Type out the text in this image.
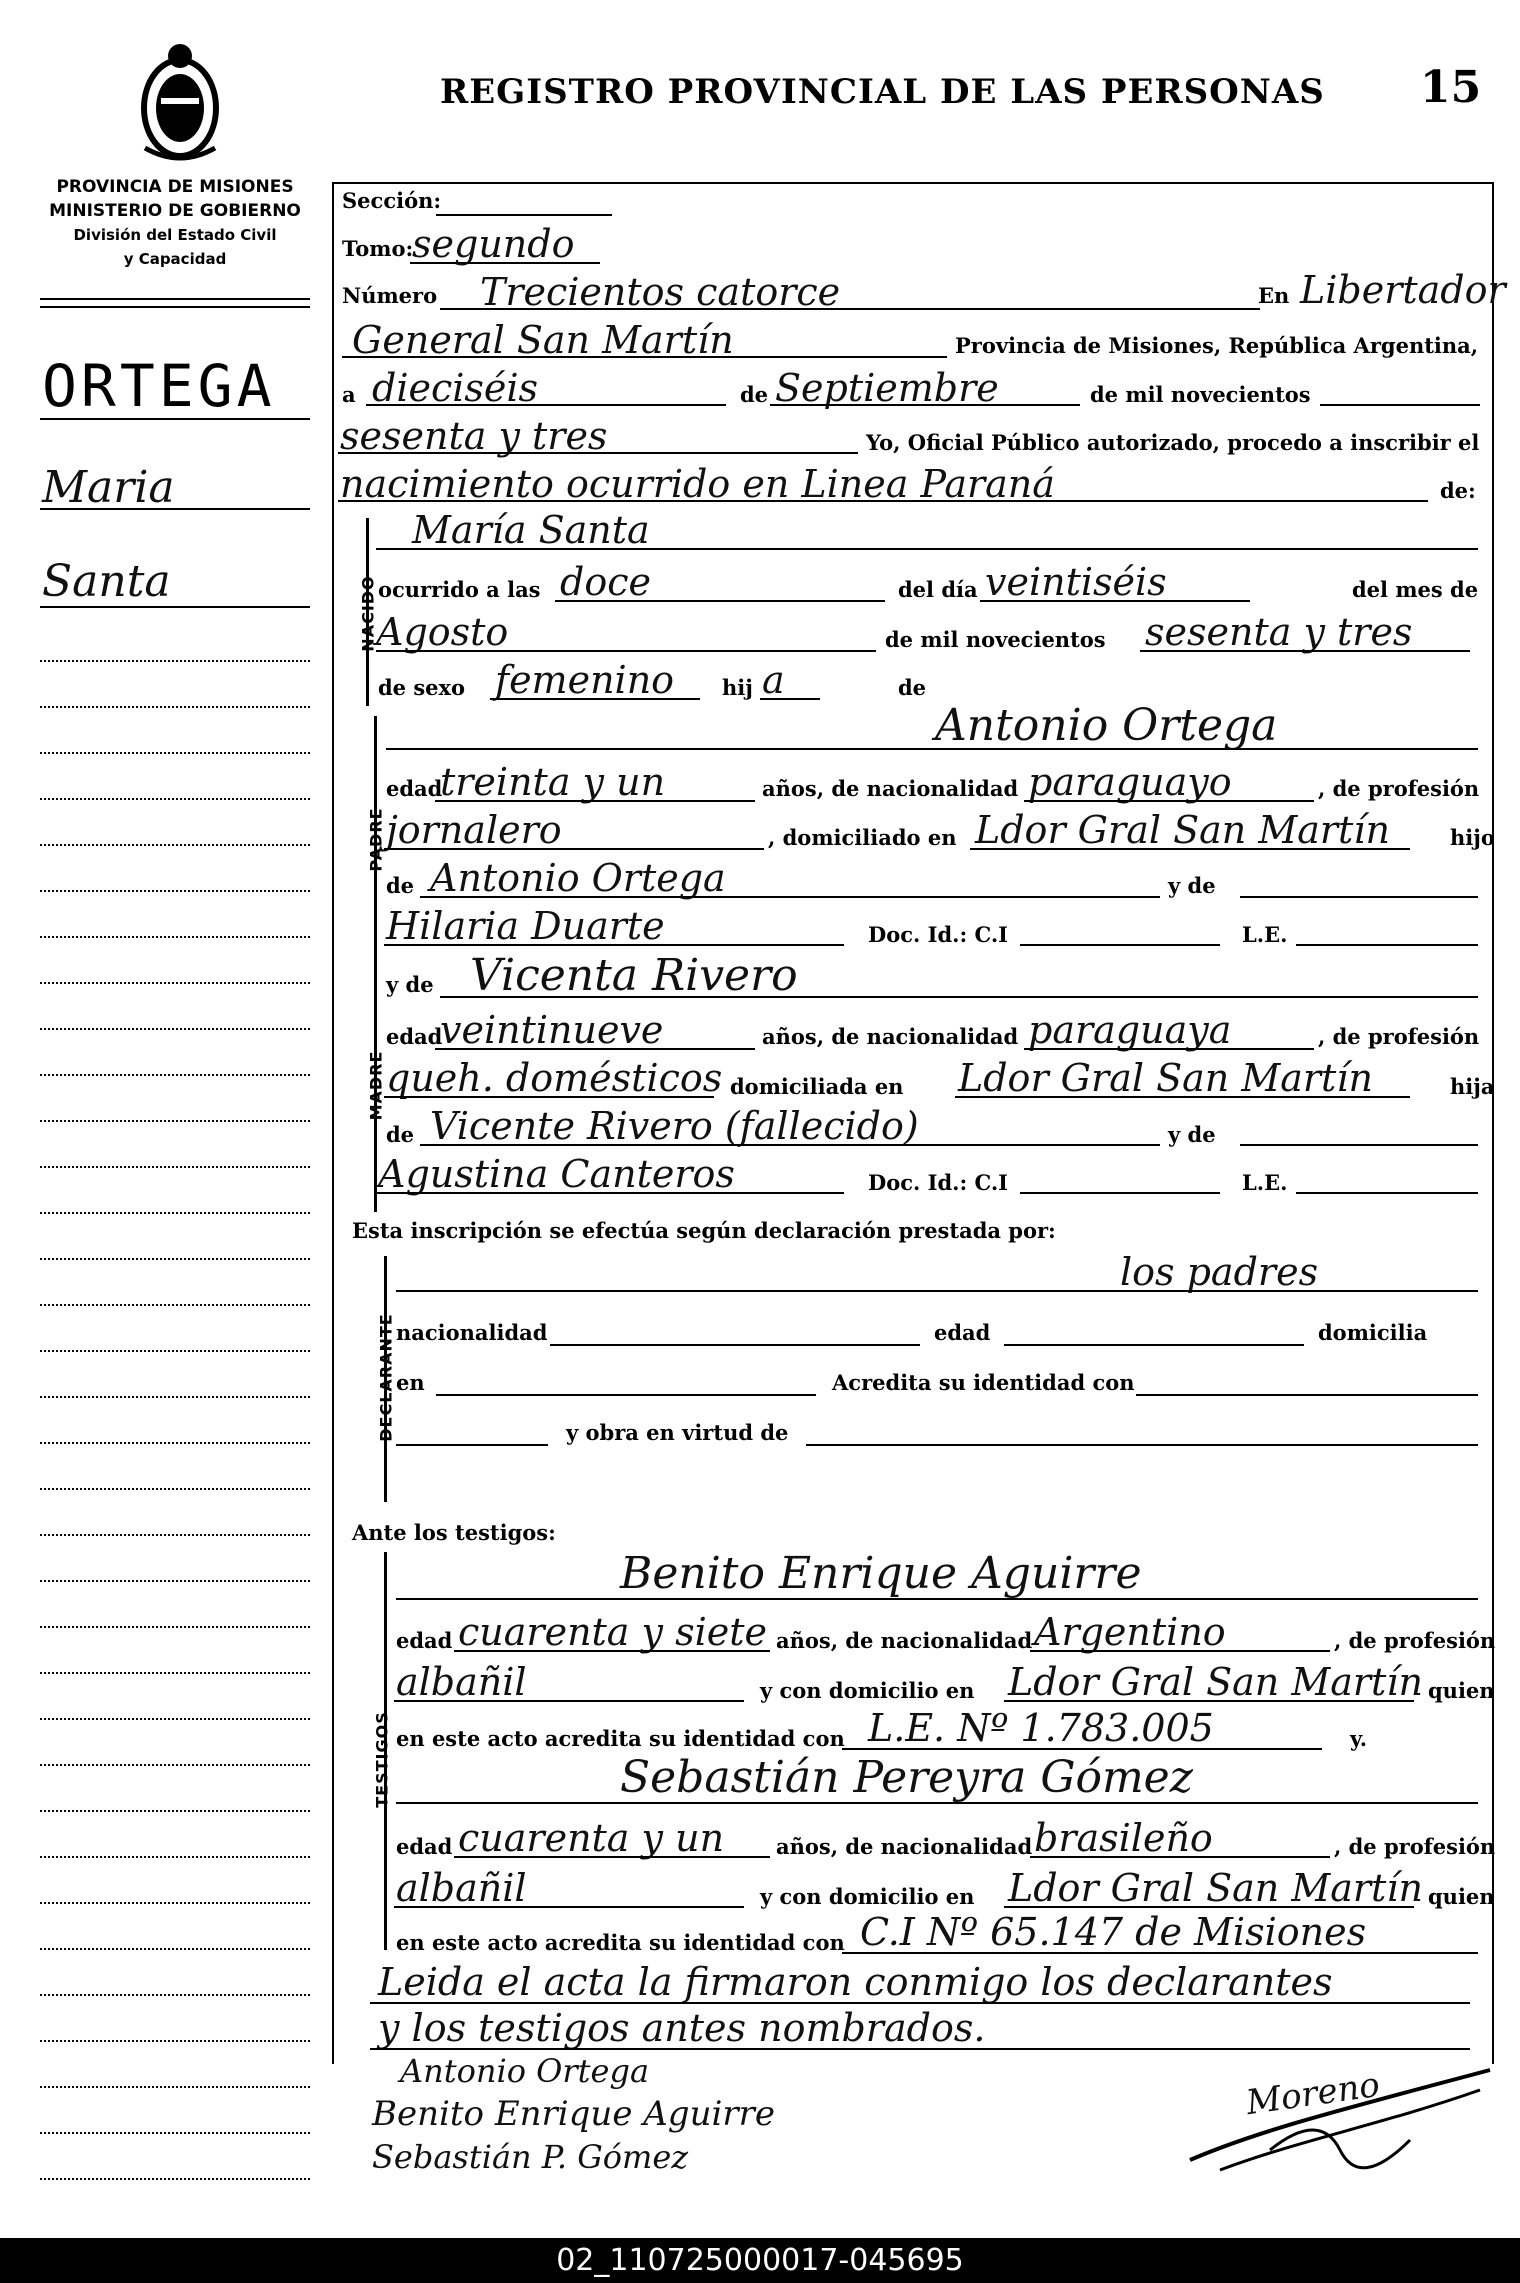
REGISTRO PROVINCIAL DE LAS PERSONAS 15
PROVINCIA DE MISIONES
MINISTERIO DE GOBIERNO
División del Estado Civil
y Capacidad
ORTEGA
Maria
Santa
Sección:
Tomo:
segundo
Número Trecientos catorce	En Libertador
General San Martín	Provincia de Misiones, República Argentina,
a dieciséis	de Septiembre	de mil novecientos
sesenta y tres	Yo, Oficial Público autorizado, procedo a inscribir el
nacimiento ocurrido en Linea Paraná	de:
NACIDO
María Santa
ocurrido a las doce	del día veintiséis	del mes de
Agosto	de mil novecientos sesenta y tres
de sexo femenino hij a	de
PADRE
Antonio Ortega
edad
treinta y un	años, de nacionalidad paraguayo	, de profesión
jornalero	, domiciliado en Ldor Gral San Martín	hijo
de Antonio Ortega	y de
Hilaria Duarte	Doc. Id.: C.I	L.E.
MADRE
y de Vicenta Rivero
edad
veintinueve	años, de nacionalidad paraguaya	, de profesión
queh. domésticos domiciliada en Ldor Gral San Martín	hija
de Vicente Rivero (fallecido)	y de
Agustina Canteros	Doc. Id.: C.I	L.E.
Esta inscripción se efectúa según declaración prestada por:
DECLARANTE
los padres
nacionalidad	edad	domicilia
en	Acredita su identidad con
y obra en virtud de
Ante los testigos:
TESTIGOS
Benito Enrique Aguirre
edad cuarenta y siete años, de nacionalidad Argentino	, de profesión
albañil	y con domicilio en Ldor Gral San Martín quien
en este acto acredita su identidad con L.E. Nº 1.783.005	y.
Sebastián Pereyra Gómez
edad cuarenta y un años, de nacionalidad brasileño	, de profesión
albañil	y con domicilio en Ldor Gral San Martín quien
en este acto acredita su identidad con C.I Nº 65.147 de Misiones
Leida el acta la firmaron conmigo los declarantes
y los testigos antes nombrados.
Antonio Ortega
Benito Enrique Aguirre
Sebastián P. Gómez
Moreno
02_110725000017-045695
